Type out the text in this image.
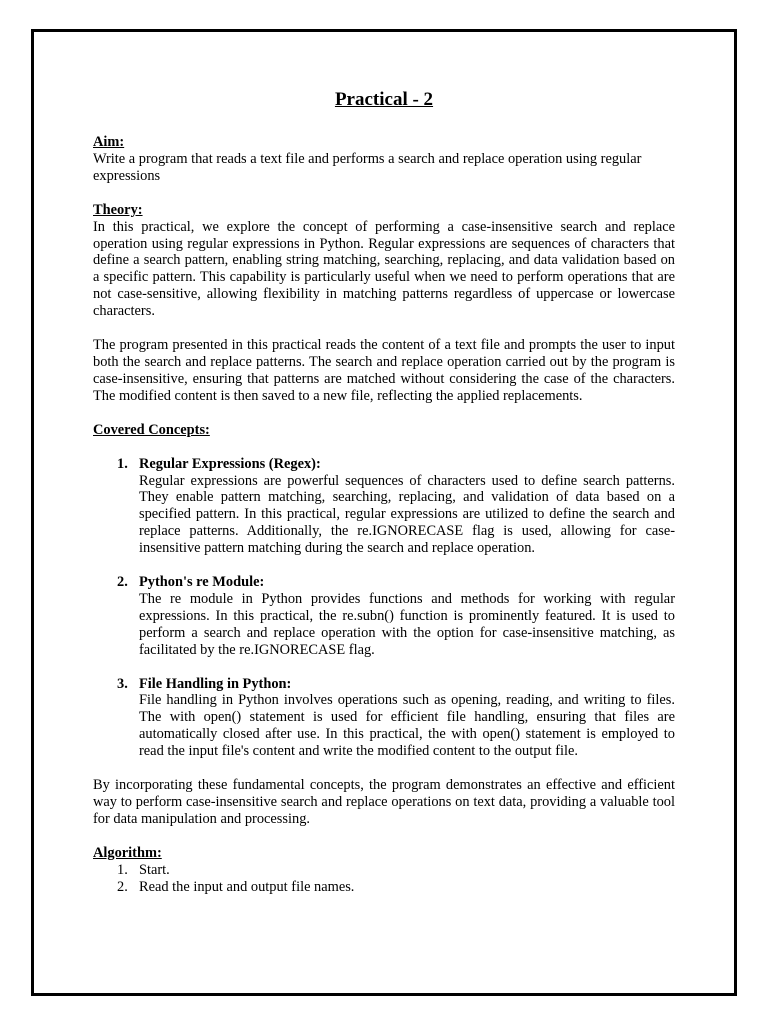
Practical - 2
Aim:

Write a program that reads a text file and performs a search and replace operation using regular expressions

Theory:

In this practical, we explore the concept of performing a case-insensitive search and replace operation using regular expressions in Python. Regular expressions are sequences of characters that define a search pattern, enabling string matching, searching, replacing, and data validation based on a specific pattern. This capability is particularly useful when we need to perform operations that are not case-sensitive, allowing flexibility in matching patterns regardless of uppercase or lowercase characters.

The program presented in this practical reads the content of a text file and prompts the user to input both the search and replace patterns. The search and replace operation carried out by the program is case-insensitive, ensuring that patterns are matched without considering the case of the characters. The modified content is then saved to a new file, reflecting the applied replacements.

Covered Concepts:
1. Regular Expressions (Regex):

Regular expressions are powerful sequences of characters used to define search patterns. They enable pattern matching, searching, replacing, and validation of data based on a specified pattern. In this practical, regular expressions are utilized to define the search and replace patterns. Additionally, the re.IGNORECASE flag is used, allowing for case-insensitive pattern matching during the search and replace operation.

2. Python's re Module:

The re module in Python provides functions and methods for working with regular expressions. In this practical, the re.subn() function is prominently featured. It is used to perform a search and replace operation with the option for case-insensitive matching, as facilitated by the re.IGNORECASE flag.

3. File Handling in Python:

File handling in Python involves operations such as opening, reading, and writing to files. The with open() statement is used for efficient file handling, ensuring that files are automatically closed after use. In this practical, the with open() statement is employed to read the input file's content and write the modified content to the output file.

By incorporating these fundamental concepts, the program demonstrates an effective and efficient way to perform case-insensitive search and replace operations on text data, providing a valuable tool for data manipulation and processing.

Algorithm:
1. Start.
2. Read the input and output file names.
